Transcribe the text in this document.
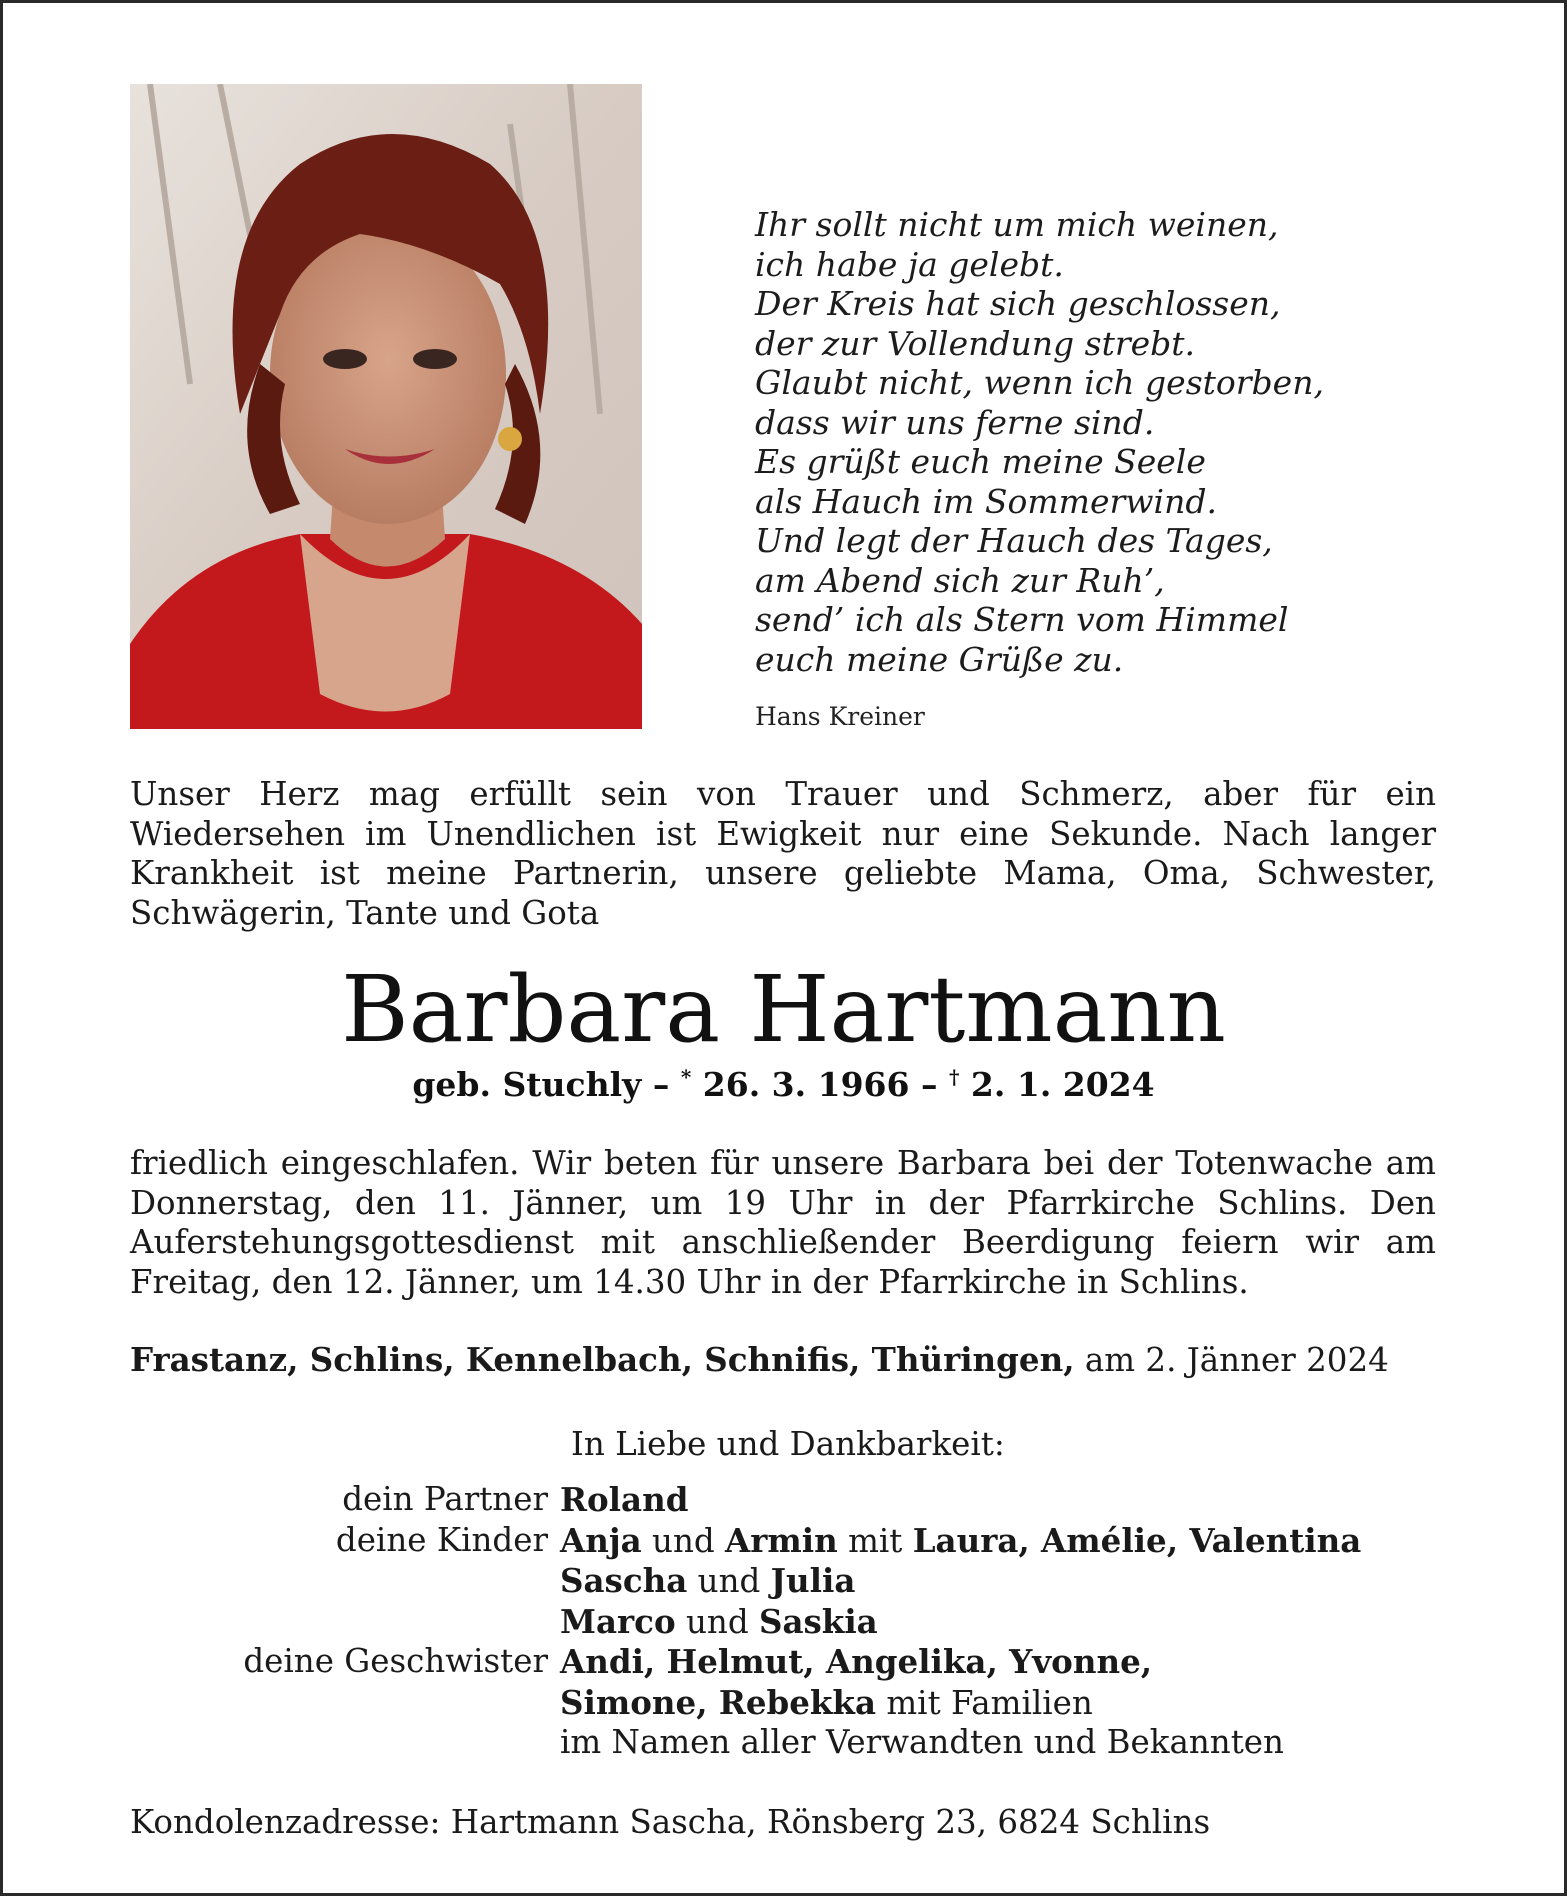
Ihr sollt nicht um mich weinen,
ich habe ja gelebt.
Der Kreis hat sich geschlossen,
der zur Vollendung strebt.
Glaubt nicht, wenn ich gestorben,
dass wir uns ferne sind.
Es grüßt euch meine Seele
als Hauch im Sommerwind.
Und legt der Hauch des Tages,
am Abend sich zur Ruh’,
send’ ich als Stern vom Himmel
euch meine Grüße zu.
Hans Kreiner
Unser Herz mag erfüllt sein von Trauer und Schmerz, aber für ein Wiedersehen im Unendlichen ist Ewigkeit nur eine Sekunde. Nach langer Krankheit ist meine Partnerin, unsere geliebte Mama, Oma, Schwester, Schwägerin, Tante und Gota
Barbara Hartmann
geb. Stuchly – * 26. 3. 1966 – † 2. 1. 2024
friedlich eingeschlafen. Wir beten für unsere Barbara bei der Totenwache am Donnerstag, den 11. Jänner, um 19 Uhr in der Pfarrkirche Schlins. Den Auferstehungsgottesdienst mit anschließender Beerdigung feiern wir am Freitag, den 12. Jänner, um 14.30 Uhr in der Pfarrkirche in Schlins.
Frastanz, Schlins, Kennelbach, Schnifis, Thüringen, am 2. Jänner 2024
In Liebe und Dankbarkeit:
dein Partner Roland
deine Kinder Anja und Armin mit Laura, Amélie, Valentina
Sascha und Julia
Marco und Saskia
deine Geschwister Andi, Helmut, Angelika, Yvonne,
Simone, Rebekka mit Familien
im Namen aller Verwandten und Bekannten
Kondolenzadresse: Hartmann Sascha, Rönsberg 23, 6824 Schlins
